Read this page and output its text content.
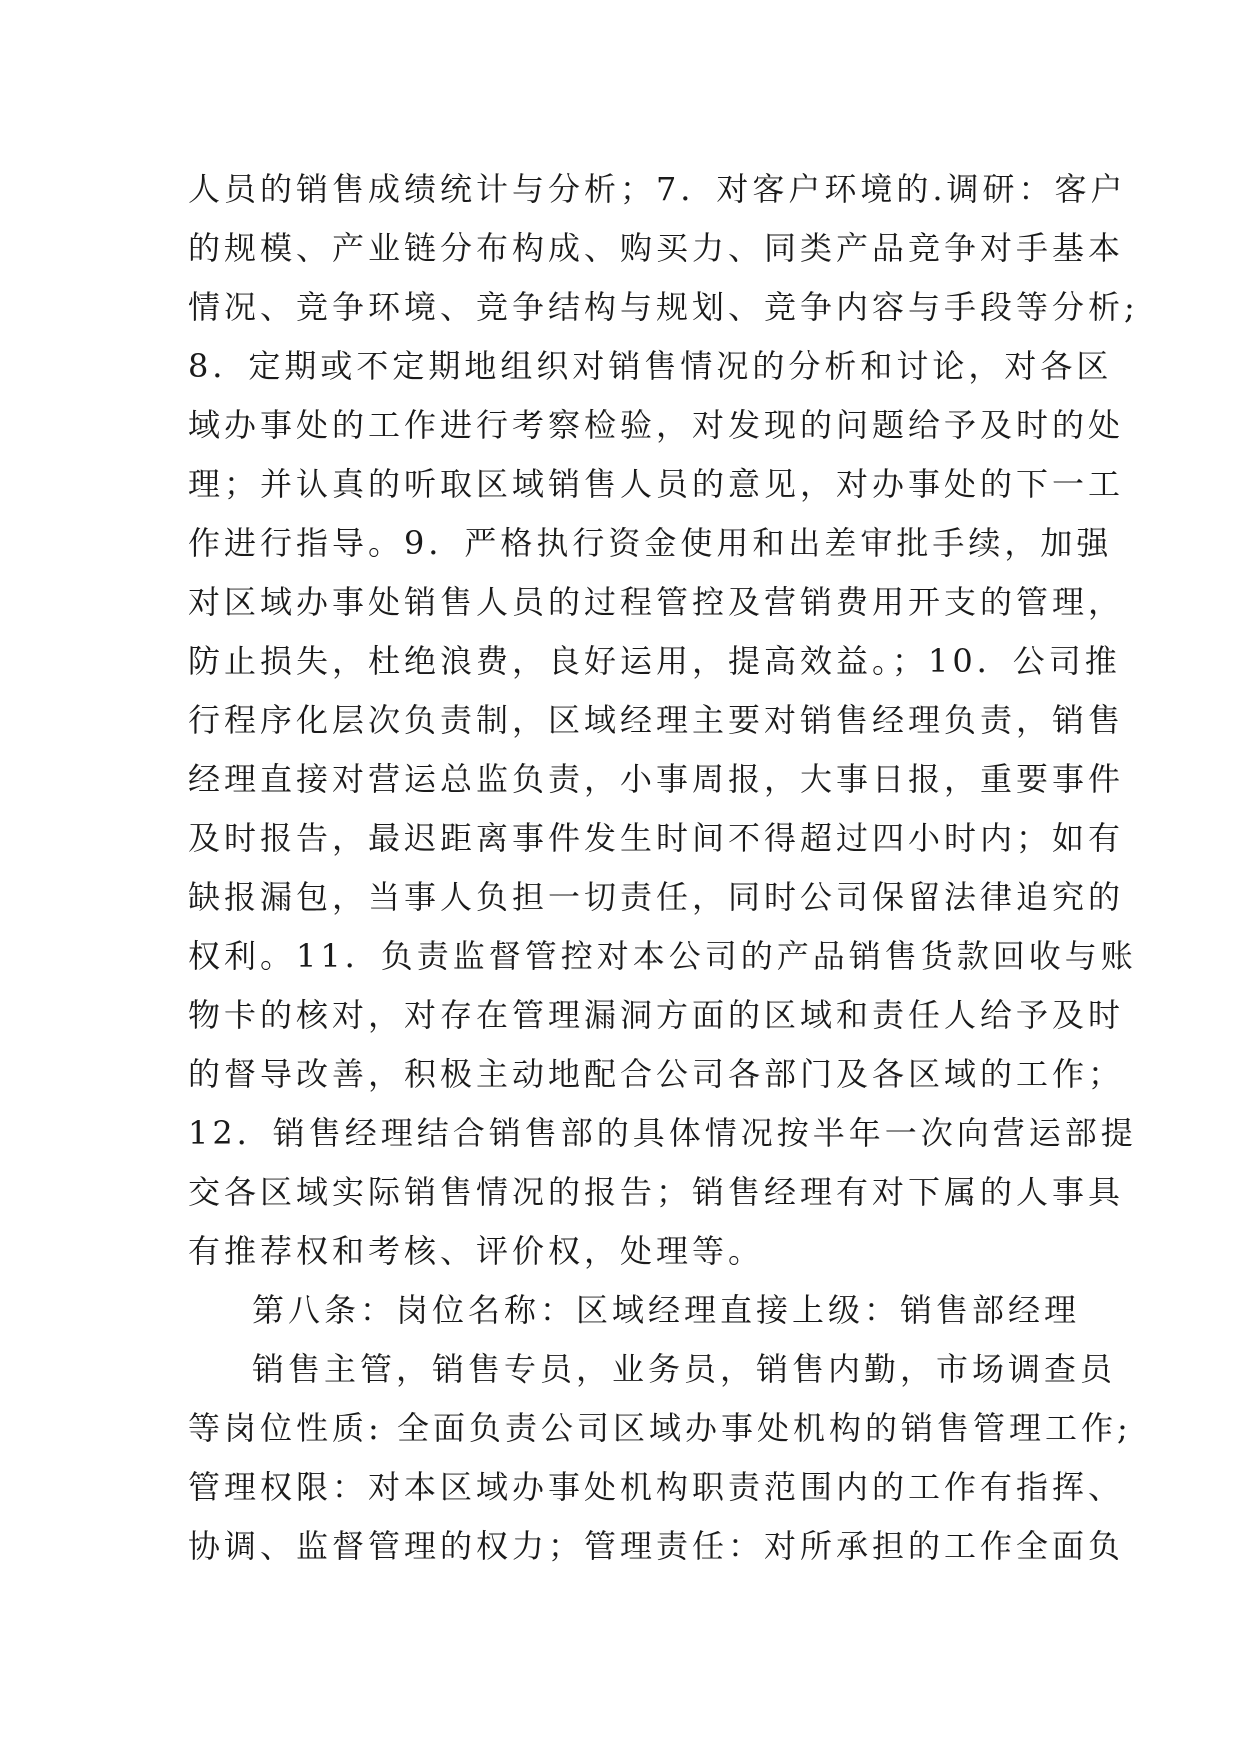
人员的销售成绩统计与分析；7．对客户环境的.调研：客户
的规模、产业链分布构成、购买力、同类产品竞争对手基本
情况、竞争环境、竞争结构与规划、竞争内容与手段等分析;
8．定期或不定期地组织对销售情况的分析和讨论，对各区
域办事处的工作进行考察检验，对发现的问题给予及时的处
理；并认真的听取区域销售人员的意见，对办事处的下一工
作进行指导。9．严格执行资金使用和出差审批手续，加强
对区域办事处销售人员的过程管控及营销费用开支的管理，
防止损失，杜绝浪费，良好运用，提高效益。；10．公司推
行程序化层次负责制，区域经理主要对销售经理负责，销售
经理直接对营运总监负责，小事周报，大事日报，重要事件
及时报告，最迟距离事件发生时间不得超过四小时内；如有
缺报漏包，当事人负担一切责任，同时公司保留法律追究的
权利。11．负责监督管控对本公司的产品销售货款回收与账
物卡的核对，对存在管理漏洞方面的区域和责任人给予及时
的督导改善，积极主动地配合公司各部门及各区域的工作；
12．销售经理结合销售部的具体情况按半年一次向营运部提
交各区域实际销售情况的报告；销售经理有对下属的人事具
有推荐权和考核、评价权，处理等。
第八条：岗位名称：区域经理直接上级：销售部经理
销售主管，销售专员，业务员，销售内勤，市场调查员
等岗位性质: 全面负责公司区域办事处机构的销售管理工作;
管理权限：对本区域办事处机构职责范围内的工作有指挥、
协调、监督管理的权力；管理责任：对所承担的工作全面负
